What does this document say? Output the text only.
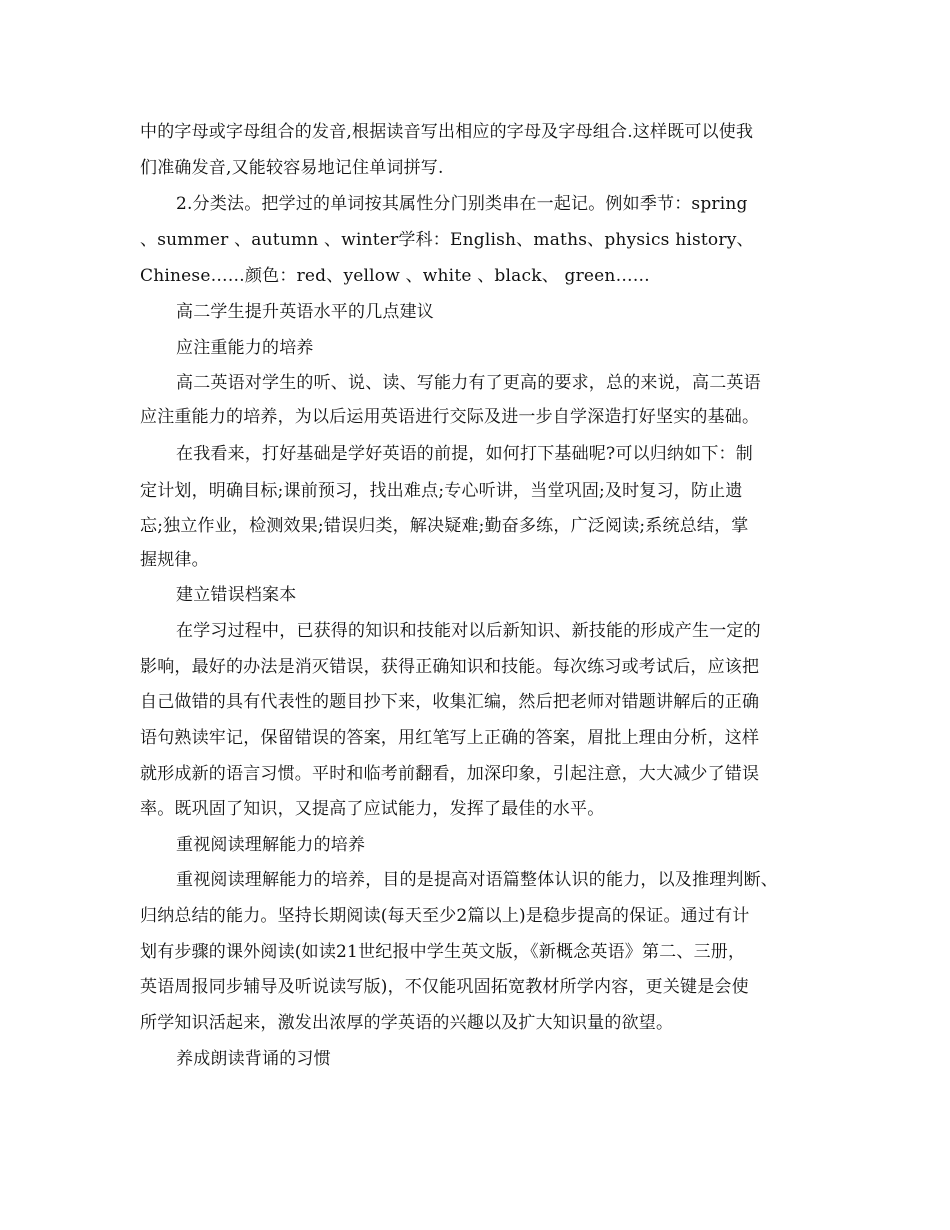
中的字母或字母组合的发音,根据读音写出相应的字母及字母组合.这样既可以使我
们准确发音,又能较容易地记住单词拼写.
2.分类法。把学过的单词按其属性分门别类串在一起记。例如季节：spring
、summer 、autumn 、winter学科：English、maths、physics history、
Chinese……颜色：red、yellow 、white 、black、 green……
高二学生提升英语水平的几点建议
应注重能力的培养
高二英语对学生的听、说、读、写能力有了更高的要求，总的来说，高二英语
应注重能力的培养，为以后运用英语进行交际及进一步自学深造打好坚实的基础。
在我看来，打好基础是学好英语的前提，如何打下基础呢?可以归纳如下：制
定计划，明确目标;课前预习，找出难点;专心听讲，当堂巩固;及时复习，防止遗
忘;独立作业，检测效果;错误归类，解决疑难;勤奋多练，广泛阅读;系统总结，掌
握规律。
建立错误档案本
在学习过程中，已获得的知识和技能对以后新知识、新技能的形成产生一定的
影响，最好的办法是消灭错误，获得正确知识和技能。每次练习或考试后，应该把
自己做错的具有代表性的题目抄下来，收集汇编，然后把老师对错题讲解后的正确
语句熟读牢记，保留错误的答案，用红笔写上正确的答案，眉批上理由分析，这样
就形成新的语言习惯。平时和临考前翻看，加深印象，引起注意，大大减少了错误
率。既巩固了知识，又提高了应试能力，发挥了最佳的水平。
重视阅读理解能力的培养
重视阅读理解能力的培养，目的是提高对语篇整体认识的能力，以及推理判断、
归纳总结的能力。坚持长期阅读(每天至少2篇以上)是稳步提高的保证。通过有计
划有步骤的课外阅读(如读21世纪报中学生英文版，《新概念英语》第二、三册，
英语周报同步辅导及听说读写版)，不仅能巩固拓宽教材所学内容，更关键是会使
所学知识活起来，激发出浓厚的学英语的兴趣以及扩大知识量的欲望。
养成朗读背诵的习惯
